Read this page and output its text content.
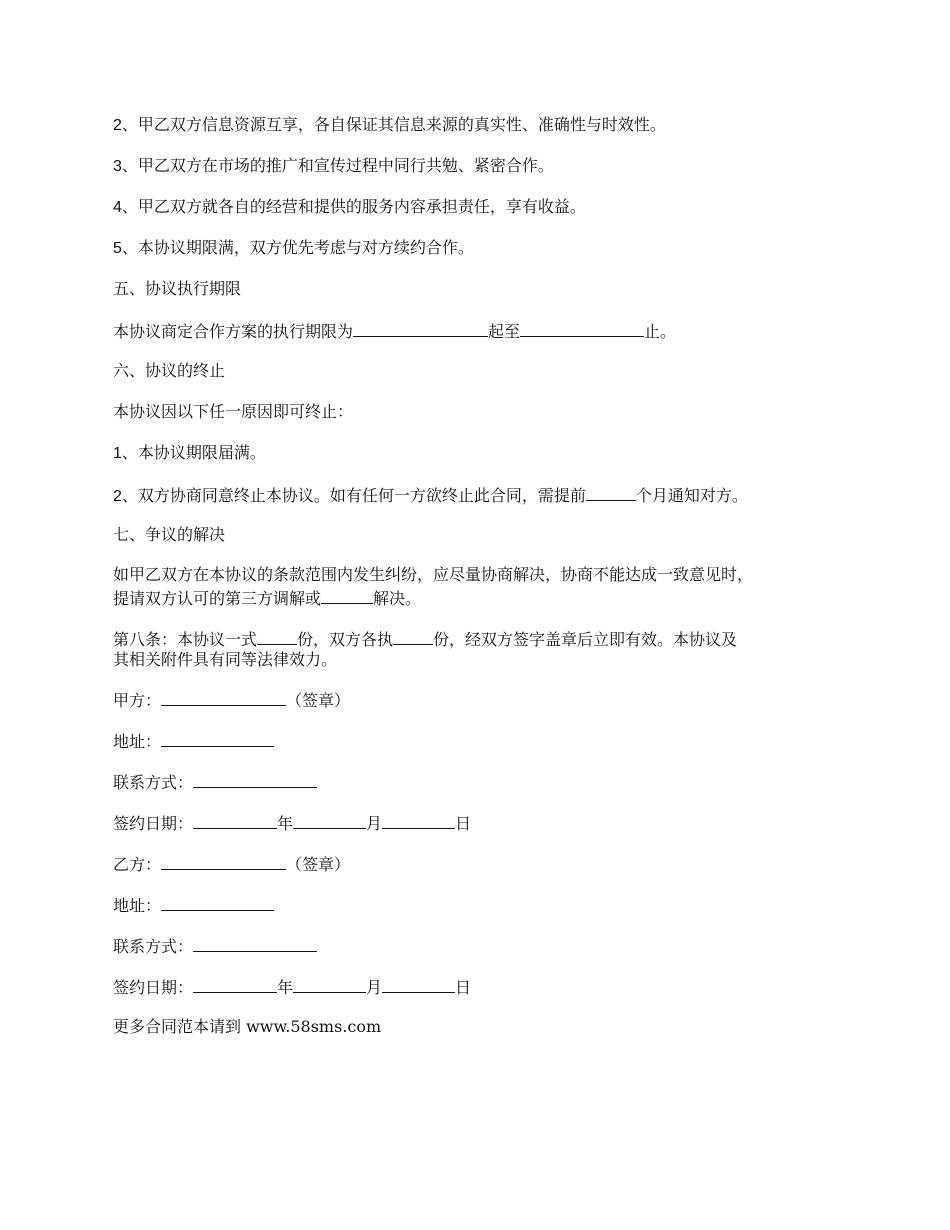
2、甲乙双方信息资源互享，各自保证其信息来源的真实性、准确性与时效性。
3、甲乙双方在市场的推广和宣传过程中同行共勉、紧密合作。
4、甲乙双方就各自的经营和提供的服务内容承担责任，享有收益。
5、本协议期限满，双方优先考虑与对方续约合作。
五、协议执行期限
本协议商定合作方案的执行期限为	起至	止。
六、协议的终止
本协议因以下任一原因即可终止：
1、本协议期限届满。
2、双方协商同意终止本协议。如有任何一方欲终止此合同，需提前	个月通知对方。
七、争议的解决
如甲乙双方在本协议的条款范围内发生纠纷，应尽量协商解决，协商不能达成一致意见时，
提请双方认可的第三方调解或	解决。
第八条：本协议一式	份，双方各执	份，经双方签字盖章后立即有效。本协议及
其相关附件具有同等法律效力。
甲方：	（签章）
地址：
联系方式：
签约日期：	年	月	日
乙方：	（签章）
地址：
联系方式：
签约日期：	年	月	日
更多合同范本请到 www.58sms.com
